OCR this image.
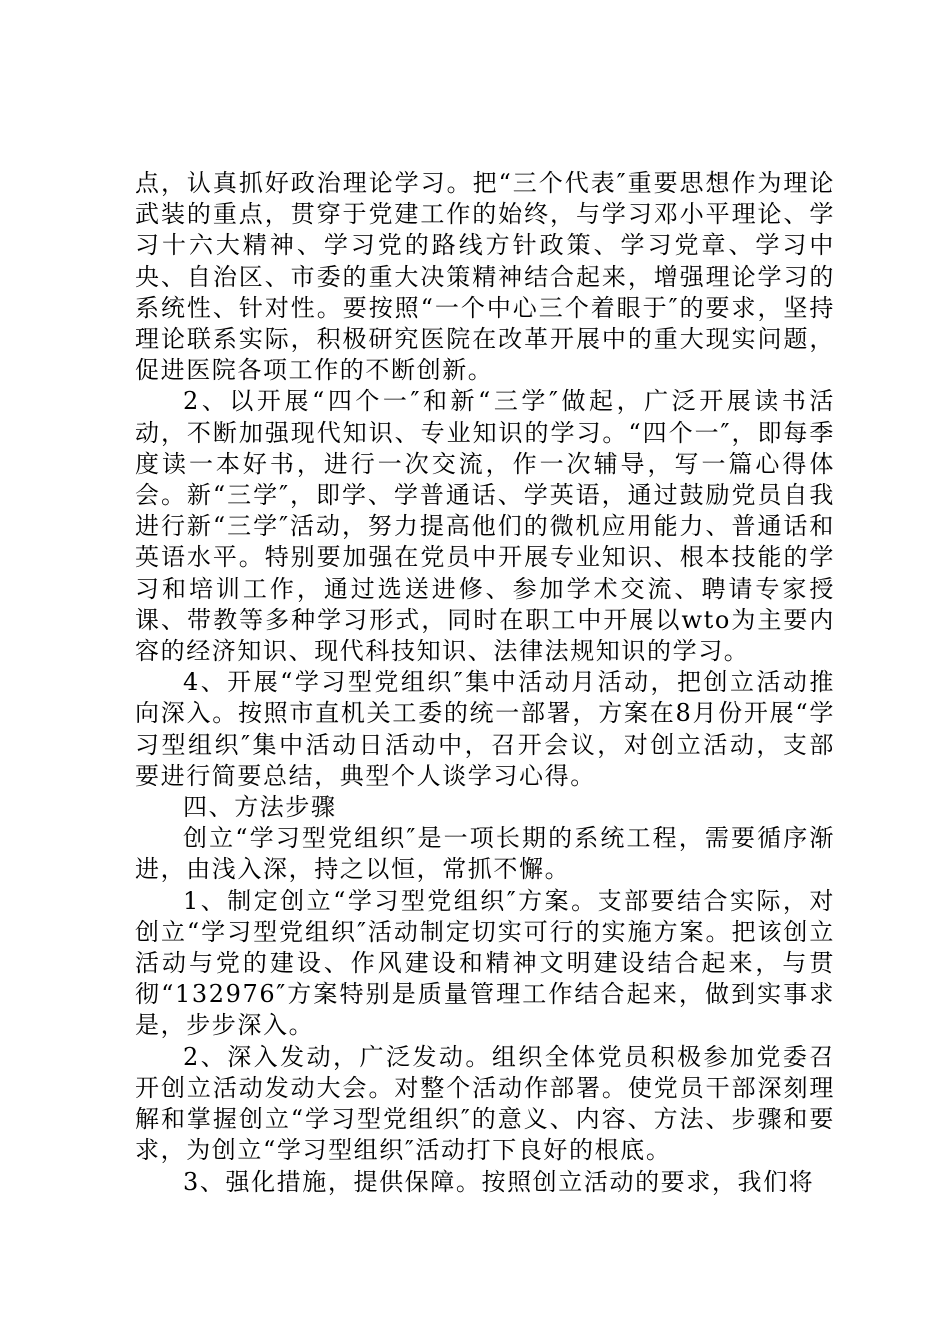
点，认真抓好政治理论学习。把“三个代表″重要思想作为理论武装的重点，贯穿于党建工作的始终，与学习邓小平理论、学习十六大精神、学习党的路线方针政策、学习党章、学习中央、自治区、市委的重大决策精神结合起来，增强理论学习的系统性、针对性。要按照“一个中心三个着眼于″的要求，坚持理论联系实际，积极研究医院在改革开展中的重大现实问题，促进医院各项工作的不断创新。

2、以开展“四个一″和新“三学″做起，广泛开展读书活动，不断加强现代知识、专业知识的学习。“四个一″，即每季度读一本好书，进行一次交流，作一次辅导，写一篇心得体会。新“三学″，即学、学普通话、学英语，通过鼓励党员自我进行新“三学″活动，努力提高他们的微机应用能力、普通话和英语水平。特别要加强在党员中开展专业知识、根本技能的学习和培训工作，通过选送进修、参加学术交流、聘请专家授课、带教等多种学习形式，同时在职工中开展以wto为主要内容的经济知识、现代科技知识、法律法规知识的学习。

4、开展“学习型党组织″集中活动月活动，把创立活动推向深入。按照市直机关工委的统一部署，方案在8月份开展“学习型组织″集中活动日活动中，召开会议，对创立活动，支部要进行简要总结，典型个人谈学习心得。

四、方法步骤

创立“学习型党组织″是一项长期的系统工程，需要循序渐进，由浅入深，持之以恒，常抓不懈。

1、制定创立“学习型党组织″方案。支部要结合实际，对创立“学习型党组织″活动制定切实可行的实施方案。把该创立活动与党的建设、作风建设和精神文明建设结合起来，与贯彻“132976″方案特别是质量管理工作结合起来，做到实事求是，步步深入。

2、深入发动，广泛发动。组织全体党员积极参加党委召开创立活动发动大会。对整个活动作部署。使党员干部深刻理解和掌握创立“学习型党组织″的意义、内容、方法、步骤和要求，为创立“学习型组织″活动打下良好的根底。

3、强化措施，提供保障。按照创立活动的要求，我们将
